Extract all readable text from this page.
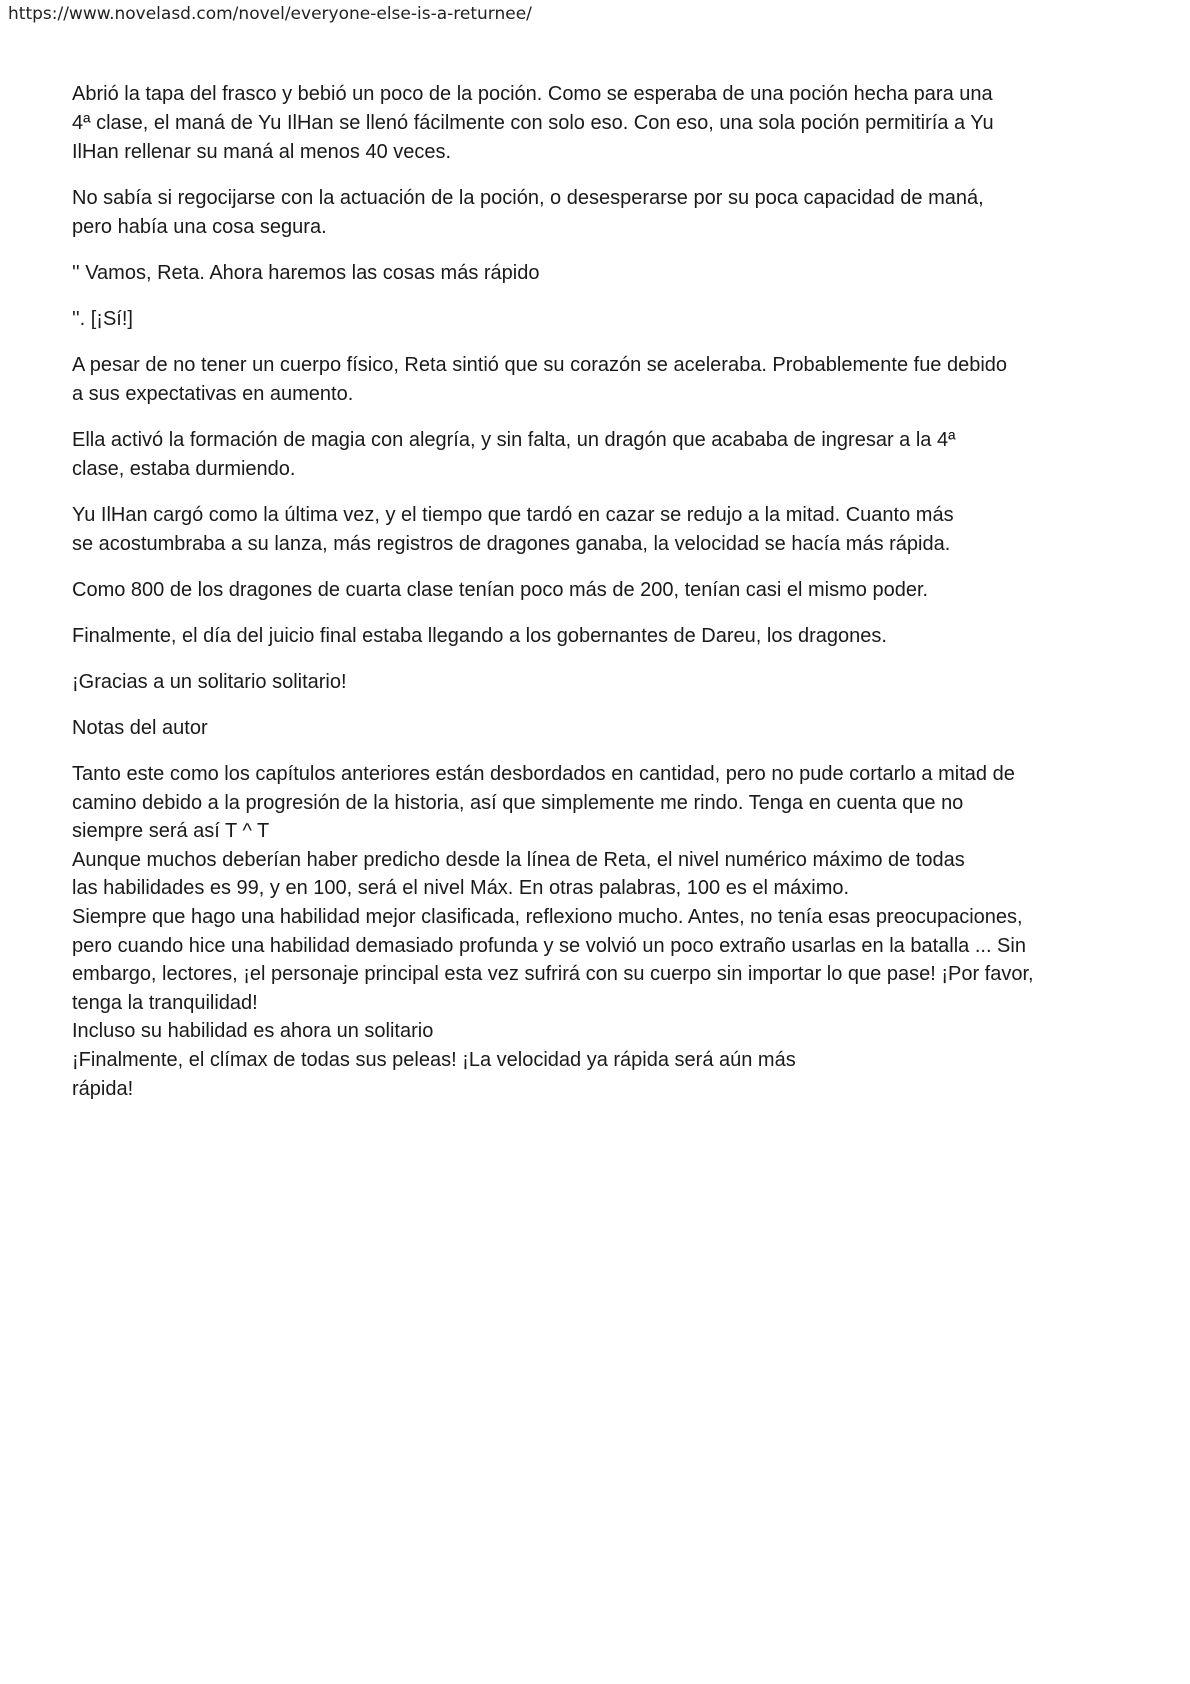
https://www.novelasd.com/novel/everyone-else-is-a-returnee/

Abrió la tapa del frasco y bebió un poco de la poción. Como se esperaba de una poción hecha para una
4ª clase, el maná de Yu IlHan se llenó fácilmente con solo eso. Con eso, una sola poción permitiría a Yu
IlHan rellenar su maná al menos 40 veces.

No sabía si regocijarse con la actuación de la poción, o desesperarse por su poca capacidad de maná,
pero había una cosa segura.

'' Vamos, Reta. Ahora haremos las cosas más rápido

''. [¡Sí!]

A pesar de no tener un cuerpo físico, Reta sintió que su corazón se aceleraba. Probablemente fue debido
a sus expectativas en aumento.

Ella activó la formación de magia con alegría, y sin falta, un dragón que acababa de ingresar a la 4ª
clase, estaba durmiendo.

Yu IlHan cargó como la última vez, y el tiempo que tardó en cazar se redujo a la mitad. Cuanto más
se acostumbraba a su lanza, más registros de dragones ganaba, la velocidad se hacía más rápida.

Como 800 de los dragones de cuarta clase tenían poco más de 200, tenían casi el mismo poder.

Finalmente, el día del juicio final estaba llegando a los gobernantes de Dareu, los dragones.

¡Gracias a un solitario solitario!

Notas del autor

Tanto este como los capítulos anteriores están desbordados en cantidad, pero no pude cortarlo a mitad de
camino debido a la progresión de la historia, así que simplemente me rindo. Tenga en cuenta que no
siempre será así T ^ T
Aunque muchos deberían haber predicho desde la línea de Reta, el nivel numérico máximo de todas
las habilidades es 99, y en 100, será el nivel Máx. En otras palabras, 100 es el máximo.
Siempre que hago una habilidad mejor clasificada, reflexiono mucho. Antes, no tenía esas preocupaciones,
pero cuando hice una habilidad demasiado profunda y se volvió un poco extraño usarlas en la batalla ... Sin
embargo, lectores, ¡el personaje principal esta vez sufrirá con su cuerpo sin importar lo que pase! ¡Por favor,
tenga la tranquilidad!
Incluso su habilidad es ahora un solitario
¡Finalmente, el clímax de todas sus peleas! ¡La velocidad ya rápida será aún más
rápida!
